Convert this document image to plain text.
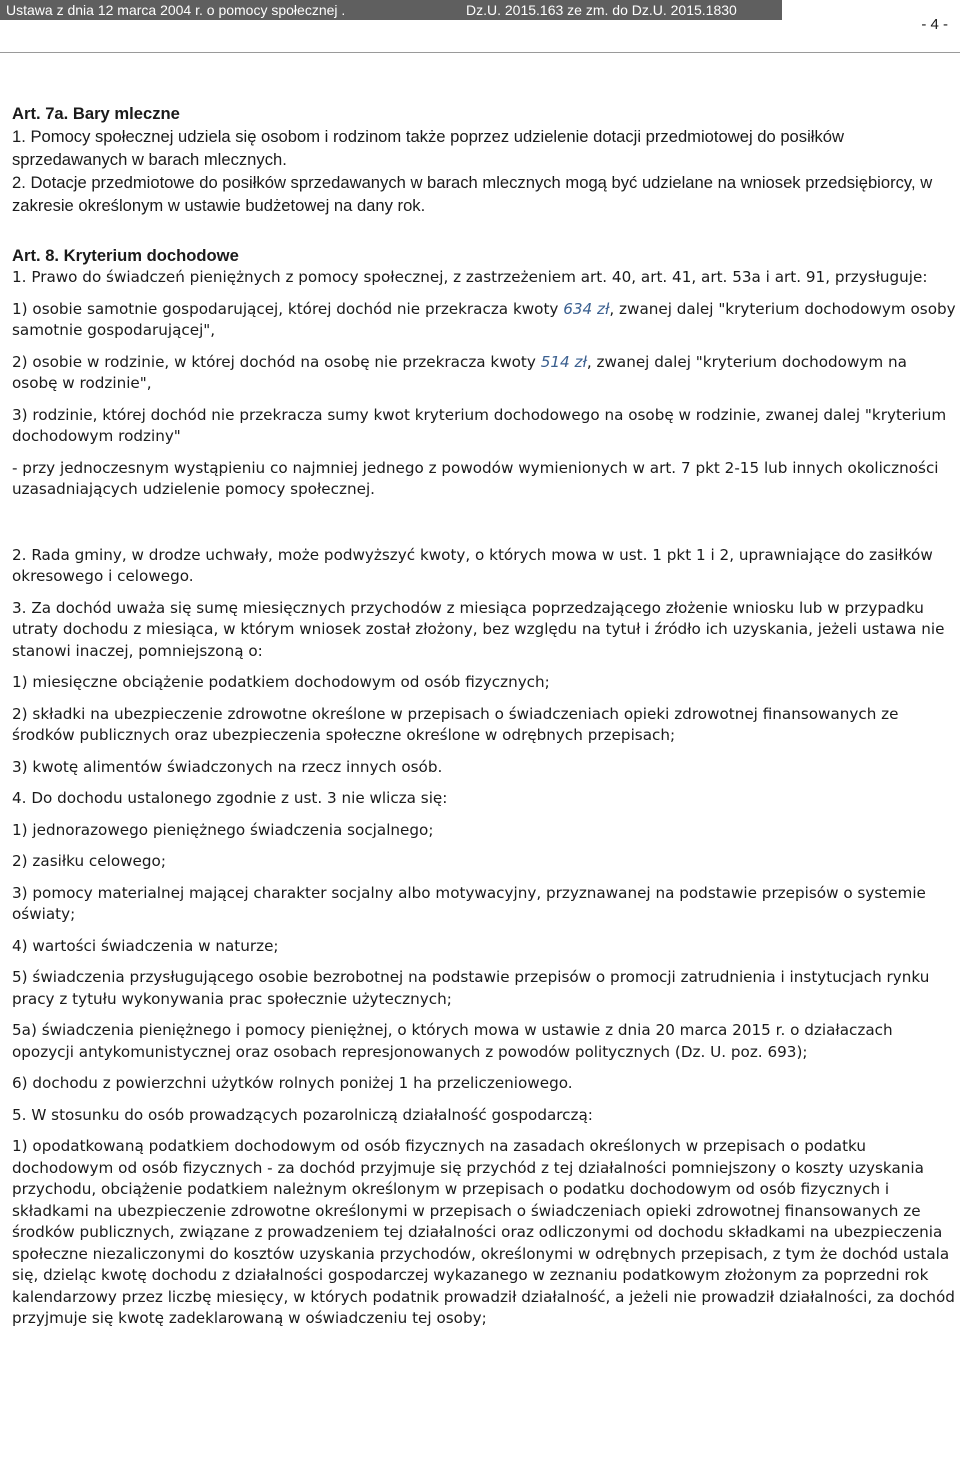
Ustawa z dnia 12 marca 2004 r. o pomocy społecznej .	Dz.U. 2015.163 ze zm. do Dz.U. 2015.1830
- 4 -

Art. 7a. Bary mleczne

1. Pomocy społecznej udziela się osobom i rodzinom także poprzez udzielenie dotacji przedmiotowej do posiłków sprzedawanych w barach mlecznych.

2. Dotacje przedmiotowe do posiłków sprzedawanych w barach mlecznych mogą być udzielane na wniosek przedsiębiorcy, w zakresie określonym w ustawie budżetowej na dany rok.

Art. 8. Kryterium dochodowe

1. Prawo do świadczeń pieniężnych z pomocy społecznej, z zastrzeżeniem art. 40, art. 41, art. 53a i art. 91, przysługuje:

1) osobie samotnie gospodarującej, której dochód nie przekracza kwoty 634 zł, zwanej dalej "kryterium dochodowym osoby samotnie gospodarującej",

2) osobie w rodzinie, w której dochód na osobę nie przekracza kwoty 514 zł, zwanej dalej "kryterium dochodowym na osobę w rodzinie",

3) rodzinie, której dochód nie przekracza sumy kwot kryterium dochodowego na osobę w rodzinie, zwanej dalej "kryterium dochodowym rodziny"

- przy jednoczesnym wystąpieniu co najmniej jednego z powodów wymienionych w art. 7 pkt 2-15 lub innych okoliczności uzasadniających udzielenie pomocy społecznej.

2. Rada gminy, w drodze uchwały, może podwyższyć kwoty, o których mowa w ust. 1 pkt 1 i 2, uprawniające do zasiłków okresowego i celowego.

3. Za dochód uważa się sumę miesięcznych przychodów z miesiąca poprzedzającego złożenie wniosku lub w przypadku utraty dochodu z miesiąca, w którym wniosek został złożony, bez względu na tytuł i źródło ich uzyskania, jeżeli ustawa nie stanowi inaczej, pomniejszoną o:

1) miesięczne obciążenie podatkiem dochodowym od osób fizycznych;

2) składki na ubezpieczenie zdrowotne określone w przepisach o świadczeniach opieki zdrowotnej finansowanych ze środków publicznych oraz ubezpieczenia społeczne określone w odrębnych przepisach;

3) kwotę alimentów świadczonych na rzecz innych osób.

4. Do dochodu ustalonego zgodnie z ust. 3 nie wlicza się:

1) jednorazowego pieniężnego świadczenia socjalnego;

2) zasiłku celowego;

3) pomocy materialnej mającej charakter socjalny albo motywacyjny, przyznawanej na podstawie przepisów o systemie oświaty;

4) wartości świadczenia w naturze;

5) świadczenia przysługującego osobie bezrobotnej na podstawie przepisów o promocji zatrudnienia i instytucjach rynku pracy z tytułu wykonywania prac społecznie użytecznych;

5a) świadczenia pieniężnego i pomocy pieniężnej, o których mowa w ustawie z dnia 20 marca 2015 r. o działaczach opozycji antykomunistycznej oraz osobach represjonowanych z powodów politycznych (Dz. U. poz. 693);

6) dochodu z powierzchni użytków rolnych poniżej 1 ha przeliczeniowego.

5. W stosunku do osób prowadzących pozarolniczą działalność gospodarczą:

1) opodatkowaną podatkiem dochodowym od osób fizycznych na zasadach określonych w przepisach o podatku dochodowym od osób fizycznych - za dochód przyjmuje się przychód z tej działalności pomniejszony o koszty uzyskania przychodu, obciążenie podatkiem należnym określonym w przepisach o podatku dochodowym od osób fizycznych i składkami na ubezpieczenie zdrowotne określonymi w przepisach o świadczeniach opieki zdrowotnej finansowanych ze środków publicznych, związane z prowadzeniem tej działalności oraz odliczonymi od dochodu składkami na ubezpieczenia społeczne niezaliczonymi do kosztów uzyskania przychodów, określonymi w odrębnych przepisach, z tym że dochód ustala się, dzieląc kwotę dochodu z działalności gospodarczej wykazanego w zeznaniu podatkowym złożonym za poprzedni rok kalendarzowy przez liczbę miesięcy, w których podatnik prowadził działalność, a jeżeli nie prowadził działalności, za dochód przyjmuje się kwotę zadeklarowaną w oświadczeniu tej osoby;
